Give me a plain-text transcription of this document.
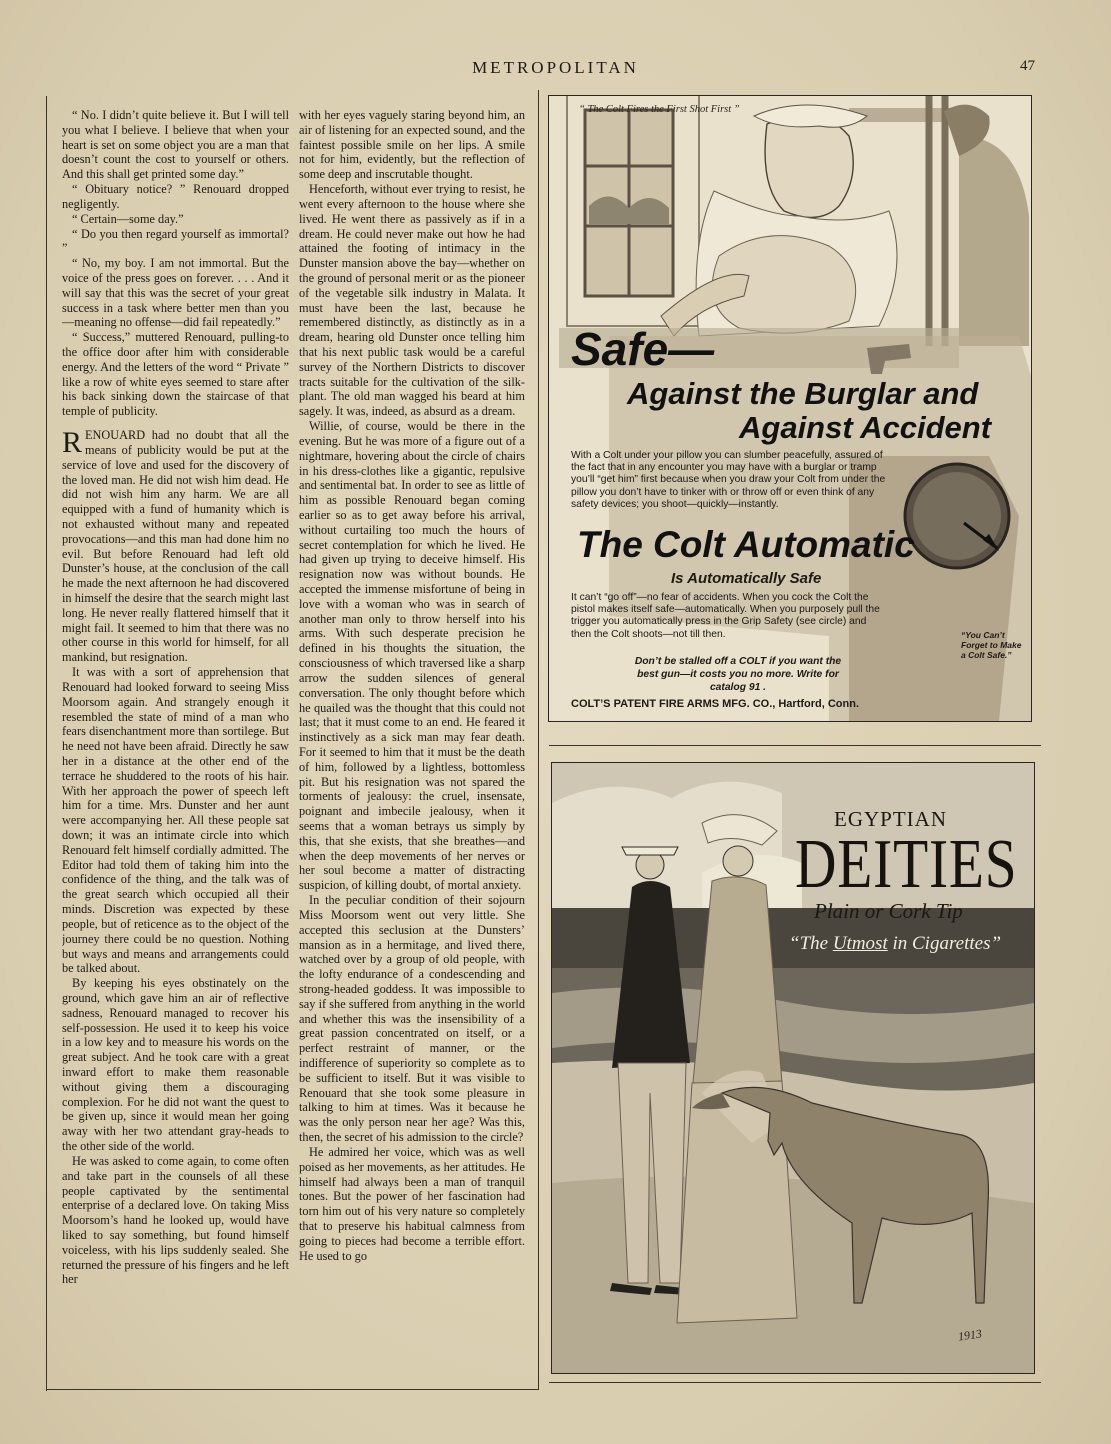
METROPOLITAN	47

“ No. I didn’t quite believe it. But I will tell you what I believe. I believe that when your heart is set on some object you are a man that doesn’t count the cost to yourself or others. And this shall get printed some day.”

“ Obituary notice? ” Renouard dropped negligently.

“ Certain—some day.”

“ Do you then regard yourself as immortal? ”

“ No, my boy. I am not immortal. But the voice of the press goes on forever. . . . And it will say that this was the secret of your great success in a task where better men than you—meaning no offense—did fail repeatedly.”

“ Success,” muttered Renouard, pulling-to the office door after him with considerable energy. And the letters of the word “ Private ” like a row of white eyes seemed to stare after his back sinking down the staircase of that temple of publicity.

RENOUARD had no doubt that all the means of publicity would be put at the service of love and used for the discovery of the loved man. He did not wish him dead. He did not wish him any harm. We are all equipped with a fund of humanity which is not exhausted without many and repeated provocations—and this man had done him no evil. But before Renouard had left old Dunster’s house, at the conclusion of the call he made the next afternoon he had discovered in himself the desire that the search might last long. He never really flattered himself that it might fail. It seemed to him that there was no other course in this world for himself, for all mankind, but resignation.

It was with a sort of apprehension that Renouard had looked forward to seeing Miss Moorsom again. And strangely enough it resembled the state of mind of a man who fears disenchantment more than sortilege. But he need not have been afraid. Directly he saw her in a distance at the other end of the terrace he shuddered to the roots of his hair. With her approach the power of speech left him for a time. Mrs. Dunster and her aunt were accompanying her. All these people sat down; it was an intimate circle into which Renouard felt himself cordially admitted. The Editor had told them of taking him into the confidence of the thing, and the talk was of the great search which occupied all their minds. Discretion was expected by these people, but of reticence as to the object of the journey there could be no question. Nothing but ways and means and arrangements could be talked about.

By keeping his eyes obstinately on the ground, which gave him an air of reflective sadness, Renouard managed to recover his self-possession. He used it to keep his voice in a low key and to measure his words on the great subject. And he took care with a great inward effort to make them reasonable without giving them a discouraging complexion. For he did not want the quest to be given up, since it would mean her going away with her two attendant gray-heads to the other side of the world.

He was asked to come again, to come often and take part in the counsels of all these people captivated by the sentimental enterprise of a declared love. On taking Miss Moorsom’s hand he looked up, would have liked to say something, but found himself voiceless, with his lips suddenly sealed. She returned the pressure of his fingers and he left her

with her eyes vaguely staring beyond him, an air of listening for an expected sound, and the faintest possible smile on her lips. A smile not for him, evidently, but the reflection of some deep and inscrutable thought.

Henceforth, without ever trying to resist, he went every afternoon to the house where she lived. He went there as passively as if in a dream. He could never make out how he had attained the footing of intimacy in the Dunster mansion above the bay—whether on the ground of personal merit or as the pioneer of the vegetable silk industry in Malata. It must have been the last, because he remembered distinctly, as distinctly as in a dream, hearing old Dunster once telling him that his next public task would be a careful survey of the Northern Districts to discover tracts suitable for the cultivation of the silk-plant. The old man wagged his beard at him sagely. It was, indeed, as absurd as a dream.

Willie, of course, would be there in the evening. But he was more of a figure out of a nightmare, hovering about the circle of chairs in his dress-clothes like a gigantic, repulsive and sentimental bat. In order to see as little of him as possible Renouard began coming earlier so as to get away before his arrival, without curtailing too much the hours of secret contemplation for which he lived. He had given up trying to deceive himself. His resignation now was without bounds. He accepted the immense misfortune of being in love with a woman who was in search of another man only to throw herself into his arms. With such desperate precision he defined in his thoughts the situation, the consciousness of which traversed like a sharp arrow the sudden silences of general conversation. The only thought before which he quailed was the thought that this could not last; that it must come to an end. He feared it instinctively as a sick man may fear death. For it seemed to him that it must be the death of him, followed by a lightless, bottomless pit. But his resignation was not spared the torments of jealousy: the cruel, insensate, poignant and imbecile jealousy, when it seems that a woman betrays us simply by this, that she exists, that she breathes—and when the deep movements of her nerves or her soul become a matter of distracting suspicion, of killing doubt, of mortal anxiety.

In the peculiar condition of their sojourn Miss Moorsom went out very little. She accepted this seclusion at the Dunsters’ mansion as in a hermitage, and lived there, watched over by a group of old people, with the lofty endurance of a condescending and strong-headed goddess. It was impossible to say if she suffered from anything in the world and whether this was the insensibility of a great passion concentrated on itself, or a perfect restraint of manner, or the indifference of superiority so complete as to be sufficient to itself. But it was visible to Renouard that she took some pleasure in talking to him at times. Was it because he was the only person near her age? Was this, then, the secret of his admission to the circle?

He admired her voice, which was as well poised as her movements, as her attitudes. He himself had always been a man of tranquil tones. But the power of her fascination had torn him out of his very nature so completely that to preserve his habitual calmness from going to pieces had become a terrible effort. He used to go

“ The Colt Fires the First Shot First ”
Safe—
Against the Burglar and
Against Accident
With a Colt under your pillow you can slumber peacefully, assured of the fact that in any encounter you may have with a burglar or tramp you’ll “get him” first because when you draw your Colt from under the pillow you don’t have to tinker with or throw off or even think of any safety devices; you shoot—quickly—instantly.
The Colt Automatic
Is Automatically Safe
It can’t “go off”—no fear of accidents. When you cock the Colt the pistol makes itself safe—automatically. When you purposely pull the trigger you automatically press in the Grip Safety (see circle) and then the Colt shoots—not till then.
Don’t be stalled off a COLT if you want the best gun—it costs you no more. Write for catalog 91 .
COLT’S PATENT FIRE ARMS MFG. CO., Hartford, Conn.
“You Can’t Forget to Make a Colt Safe.”
EGYPTIAN
DEITIES
Plain or Cork Tip
“The Utmost in Cigarettes”
1913
